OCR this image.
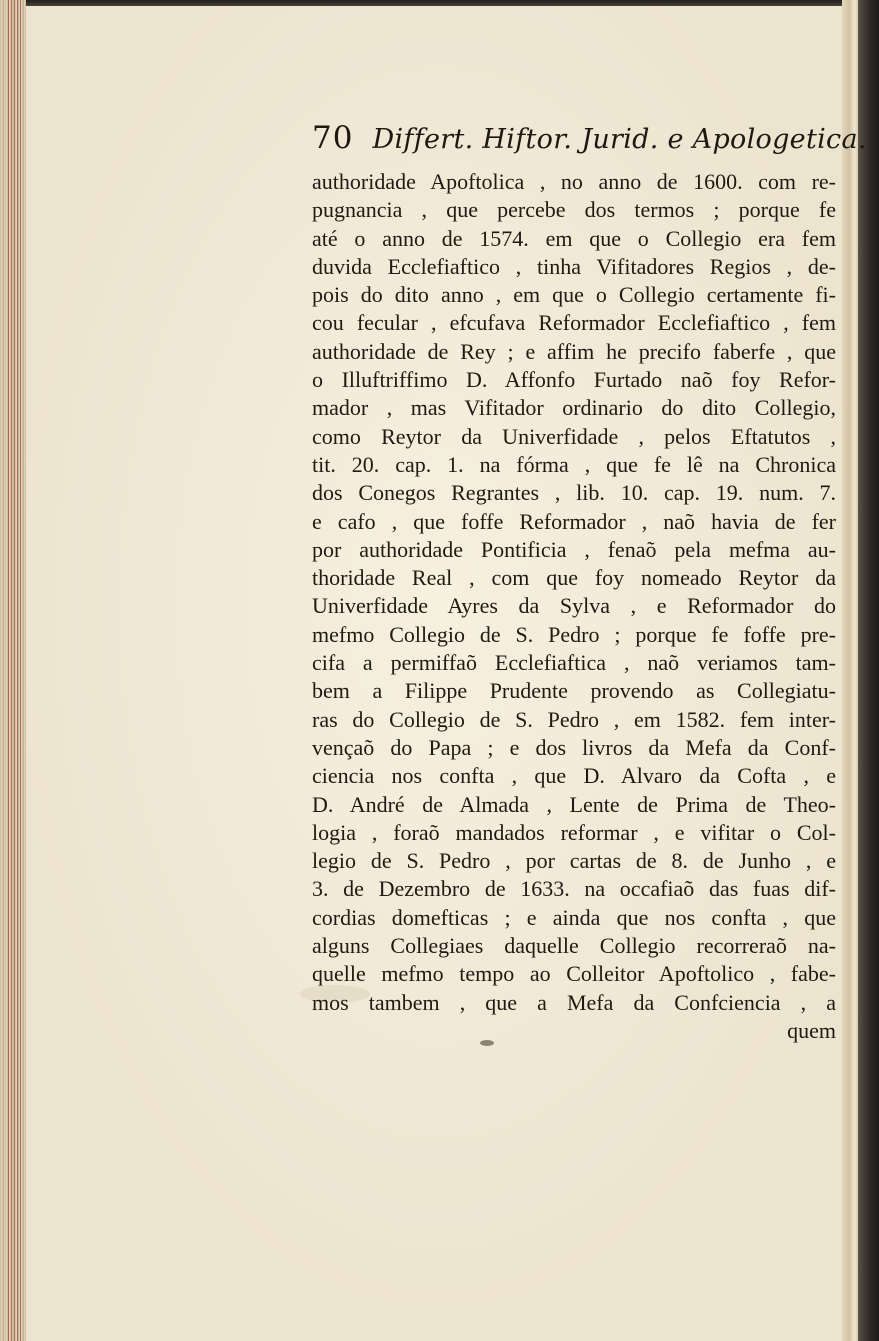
70 Differt. Hiftor. Jurid. e Apologetica.
authoridade Apoftolica , no anno de 1600. com re-
pugnancia , que percebe dos termos ; porque fe
até o anno de 1574. em que o Collegio era fem
duvida Ecclefiaftico , tinha Vifitadores Regios , de-
pois do dito anno , em que o Collegio certamente fi-
cou fecular , efcufava Reformador Ecclefiaftico , fem
authoridade de Rey ; e affim he precifo faberfe , que
o Illuftriffimo D. Affonfo Furtado naõ foy Refor-
mador , mas Vifitador ordinario do dito Collegio,
como Reytor da Univerfidade , pelos Eftatutos ,
tit. 20. cap. 1. na fórma , que fe lê na Chronica
dos Conegos Regrantes , lib. 10. cap. 19. num. 7.
e cafo , que foffe Reformador , naõ havia de fer
por authoridade Pontificia , fenaõ pela mefma au-
thoridade Real , com que foy nomeado Reytor da
Univerfidade Ayres da Sylva , e Reformador do
mefmo Collegio de S. Pedro ; porque fe foffe pre-
cifa a permiffaõ Ecclefiaftica , naõ veriamos tam-
bem a Filippe Prudente provendo as Collegiatu-
ras do Collegio de S. Pedro , em 1582. fem inter-
vençaõ do Papa ; e dos livros da Mefa da Conf-
ciencia nos confta , que D. Alvaro da Cofta , e
D. André de Almada , Lente de Prima de Theo-
logia , foraõ mandados reformar , e vifitar o Col-
legio de S. Pedro , por cartas de 8. de Junho , e
3. de Dezembro de 1633. na occafiaõ das fuas dif-
cordias domefticas ; e ainda que nos confta , que
alguns Collegiaes daquelle Collegio recorreraõ na-
quelle mefmo tempo ao Colleitor Apoftolico , fabe-
mos tambem , que a Mefa da Confciencia , a
quem
